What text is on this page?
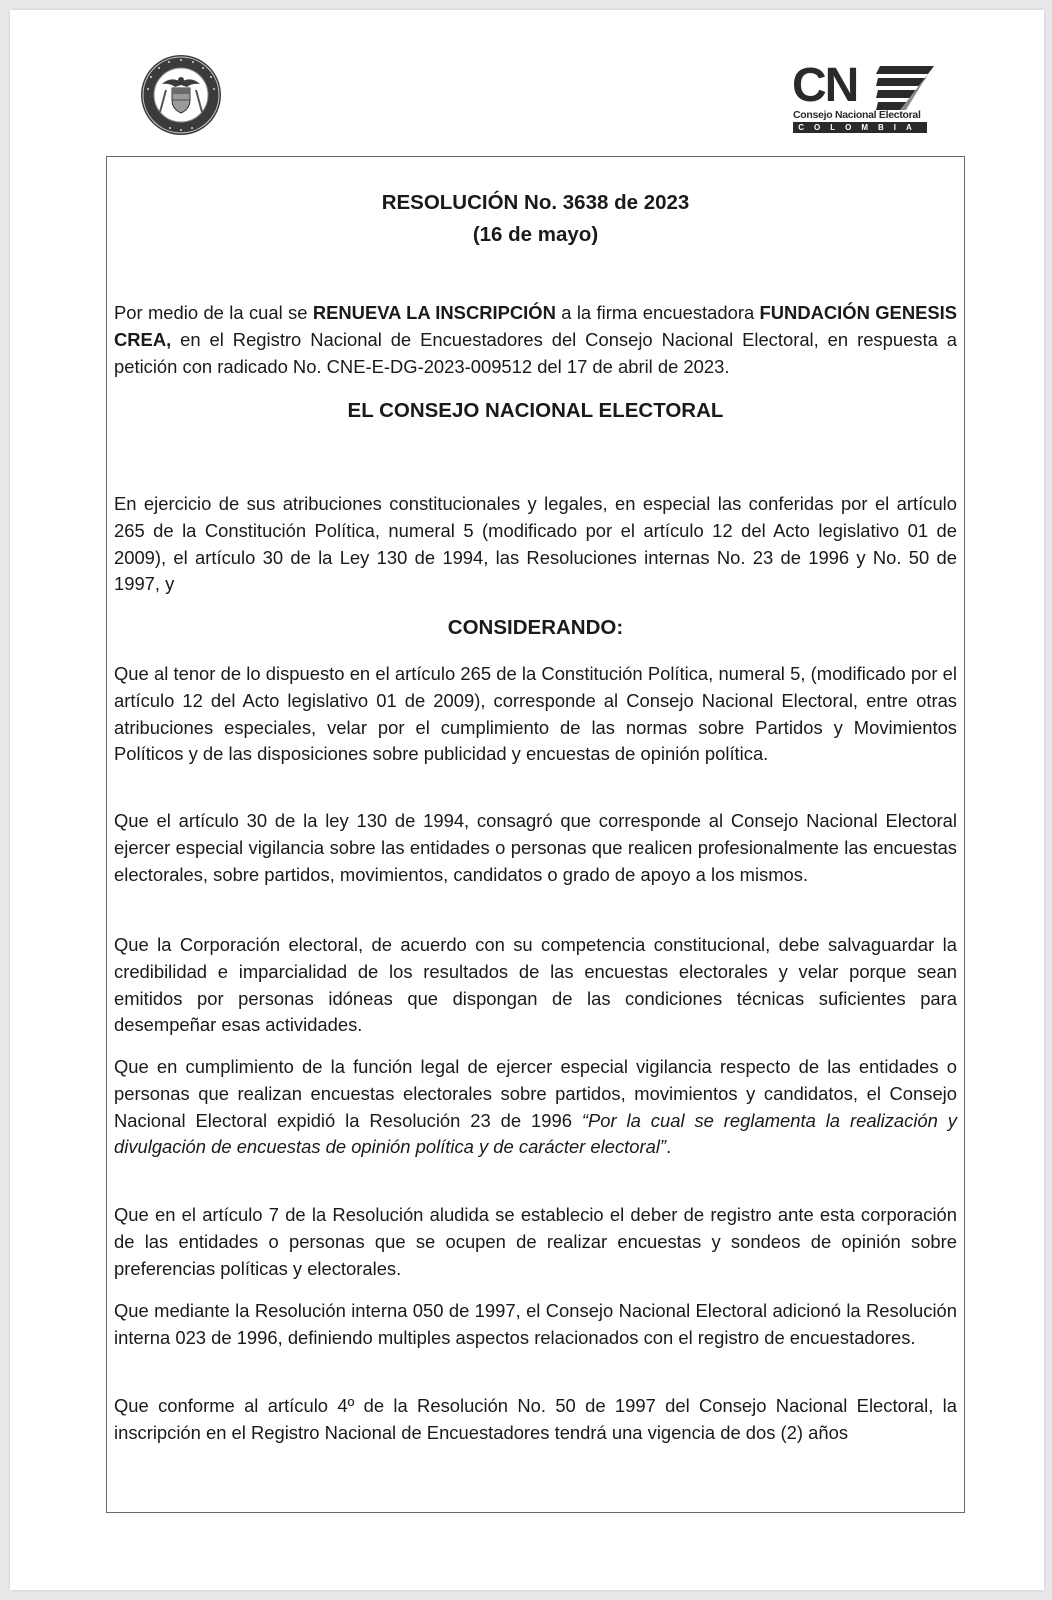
CN
Consejo Nacional Electoral
COLOMBIA
RESOLUCIÓN No. 3638 de 2023
(16 de mayo)

Por medio de la cual se RENUEVA LA INSCRIPCIÓN a la firma encuestadora FUNDACIÓN GENESIS CREA, en el Registro Nacional de Encuestadores del Consejo Nacional Electoral, en respuesta a petición con radicado No. CNE-E-DG-2023-009512 del 17 de abril de 2023.

EL CONSEJO NACIONAL ELECTORAL

En ejercicio de sus atribuciones constitucionales y legales, en especial las conferidas por el artículo 265 de la Constitución Política, numeral 5 (modificado por el artículo 12 del Acto legislativo 01 de 2009), el artículo 30 de la Ley 130 de 1994, las Resoluciones internas No. 23 de 1996 y No. 50 de 1997, y

CONSIDERANDO:

Que al tenor de lo dispuesto en el artículo 265 de la Constitución Política, numeral 5, (modificado por el artículo 12 del Acto legislativo 01 de 2009), corresponde al Consejo Nacional Electoral, entre otras atribuciones especiales, velar por el cumplimiento de las normas sobre Partidos y Movimientos Políticos y de las disposiciones sobre publicidad y encuestas de opinión política.

Que el artículo 30 de la ley 130 de 1994, consagró que corresponde al Consejo Nacional Electoral ejercer especial vigilancia sobre las entidades o personas que realicen profesionalmente las encuestas electorales, sobre partidos, movimientos, candidatos o grado de apoyo a los mismos.

Que la Corporación electoral, de acuerdo con su competencia constitucional, debe salvaguardar la credibilidad e imparcialidad de los resultados de las encuestas electorales y velar porque sean emitidos por personas idóneas que dispongan de las condiciones técnicas suficientes para desempeñar esas actividades.

Que en cumplimiento de la función legal de ejercer especial vigilancia respecto de las entidades o personas que realizan encuestas electorales sobre partidos, movimientos y candidatos, el Consejo Nacional Electoral expidió la Resolución 23 de 1996 “Por la cual se reglamenta la realización y divulgación de encuestas de opinión política y de carácter electoral”.

Que en el artículo 7 de la Resolución aludida se establecio el deber de registro ante esta corporación de las entidades o personas que se ocupen de realizar encuestas y sondeos de opinión sobre preferencias políticas y electorales.

Que mediante la Resolución interna 050 de 1997, el Consejo Nacional Electoral adicionó la Resolución interna 023 de 1996, definiendo multiples aspectos relacionados con el registro de encuestadores.

Que conforme al artículo 4º de la Resolución No. 50 de 1997 del Consejo Nacional Electoral, la inscripción en el Registro Nacional de Encuestadores tendrá una vigencia de dos (2) años
